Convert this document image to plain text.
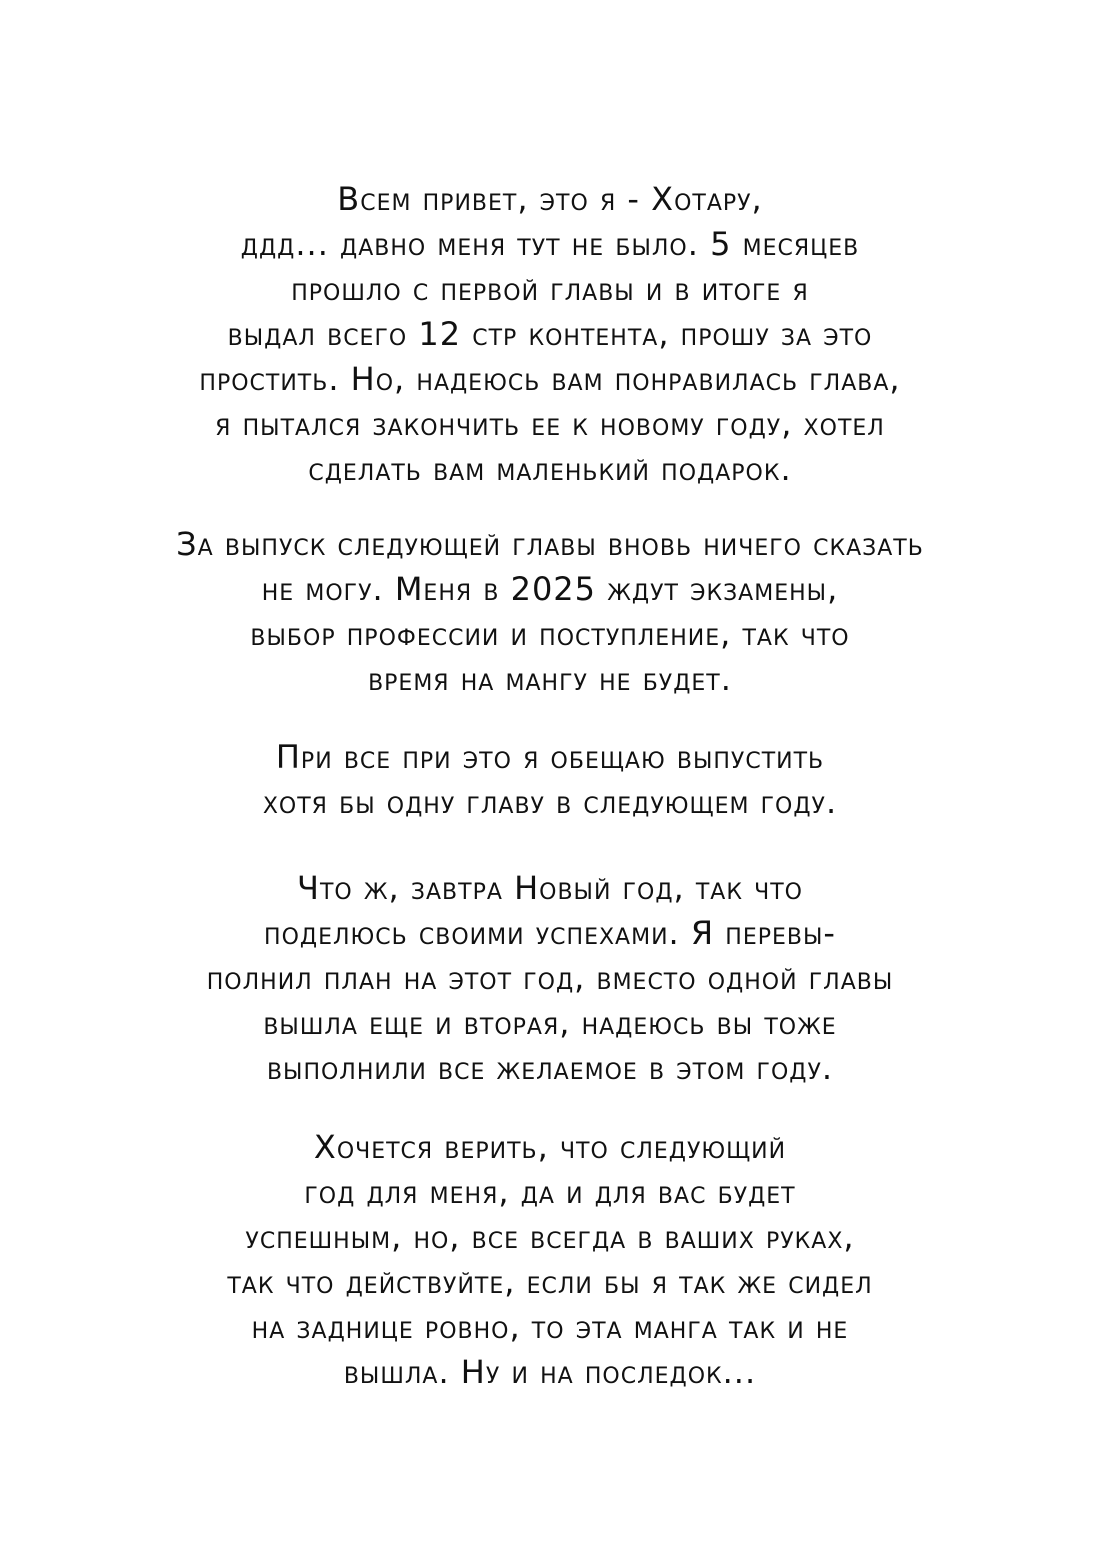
Всем привет, это я - Хотару,
ддд... давно меня тут не было. 5 месяцев
прошло с первой главы и в итоге я
выдал всего 12 стр контента, прошу за это
простить. Но, надеюсь вам понравилась глава,
я пытался закончить ее к новому году, хотел
сделать вам маленький подарок.

За выпуск следующей главы вновь ничего сказать
не могу. Меня в 2025 ждут экзамены,
выбор профессии и поступление, так что
время на мангу не будет.

При все при это я обещаю выпустить
хотя бы одну главу в следующем году.

Что ж, завтра Новый год, так что
поделюсь своими успехами. Я перевы-
полнил план на этот год, вместо одной главы
вышла еще и вторая, надеюсь вы тоже
выполнили все желаемое в этом году.

Хочется верить, что следующий
год для меня, да и для вас будет
успешным, но, все всегда в ваших руках,
так что действуйте, если бы я так же сидел
на заднице ровно, то эта манга так и не
вышла. Ну и на последок...
